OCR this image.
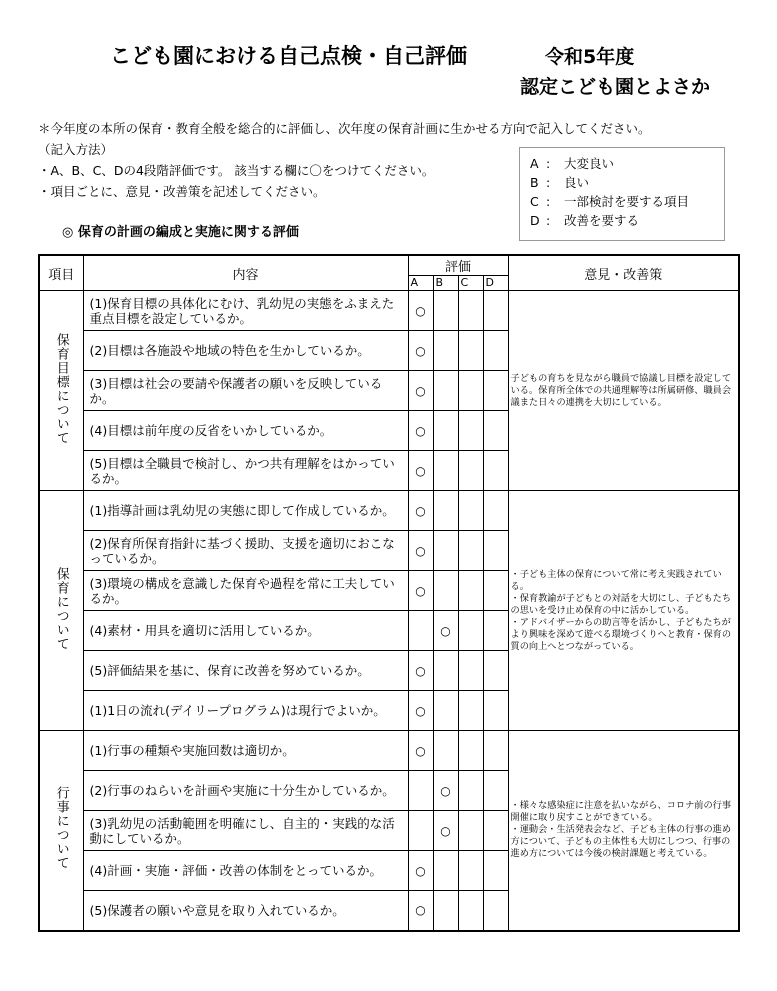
こども園における自己点検・自己評価	令和5年度
認定こども園とよさか
＊今年度の本所の保育・教育全般を総合的に評価し、次年度の保育計画に生かせる方向で記入してください。
（記入方法）
・A、B、C、Dの4段階評価です。 該当する欄に〇をつけてください。
・項目ごとに、意見・改善策を記述してください。
A : 大変良い
B : 良い
C : 一部検討を要する項目
D : 改善を要する
◎ 保育の計画の編成と実施に関する評価
項目	内容	評価				意見・改善策
		A	B	C	D	
保育目標について	(1)保育目標の具体化にむけ、乳幼児の実態をふまえた重点目標を設定しているか。	○				子どもの育ちを見ながら職員で協議し目標を設定している。保育所全体での共通理解等は所属研修、職員会議また日々の連携を大切にしている。
	(2)目標は各施設や地域の特色を生かしているか。	○				
	(3)目標は社会の要請や保護者の願いを反映しているか。	○				
	(4)目標は前年度の反省をいかしているか。	○				
	(5)目標は全職員で検討し、かつ共有理解をはかっているか。	○				
保育について	(1)指導計画は乳幼児の実態に即して作成しているか。	○				・子ども主体の保育について常に考え実践されている。
・保育教諭が子どもとの対話を大切にし、子どもたちの思いを受け止め保育の中に活かしている。
・アドバイザーからの助言等を活かし、子どもたちがより興味を深めて遊べる環境づくりへと教育・保育の質の向上へとつながっている。
	(2)保育所保育指針に基づく援助、支援を適切におこなっているか。	○				
	(3)環境の構成を意識した保育や過程を常に工夫しているか。	○				
	(4)素材・用具を適切に活用しているか。		○			
	(5)評価結果を基に、保育に改善を努めているか。	○				
	(1)1日の流れ(デイリープログラム)は現行でよいか。	○				
行事について	(1)行事の種類や実施回数は適切か。	○				・様々な感染症に注意を払いながら、コロナ前の行事開催に取り戻すことができている。
・運動会・生活発表会など、子ども主体の行事の進め方について、子どもの主体性も大切にしつつ、行事の進め方については今後の検討課題と考えている。
	(2)行事のねらいを計画や実施に十分生かしているか。		○			
	(3)乳幼児の活動範囲を明確にし、自主的・実践的な活動にしているか。		○			
	(4)計画・実施・評価・改善の体制をとっているか。	○				
	(5)保護者の願いや意見を取り入れているか。	○				
